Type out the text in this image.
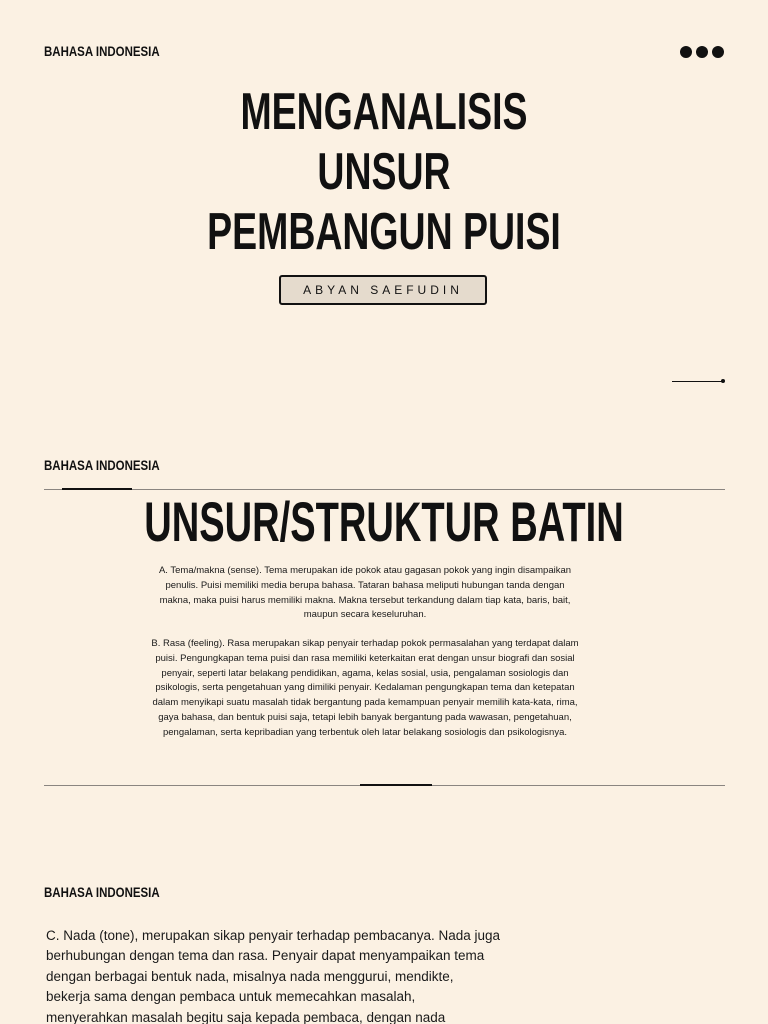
BAHASA INDONESIA
MENGANALISIS
UNSUR
PEMBANGUN PUISI
ABYAN SAEFUDIN
BAHASA INDONESIA
UNSUR/STRUKTUR BATIN
A. Tema/makna (sense). Tema merupakan ide pokok atau gagasan pokok yang ingin disampaikan penulis. Puisi memiliki media berupa bahasa. Tataran bahasa meliputi hubungan tanda dengan makna, maka puisi harus memiliki makna. Makna tersebut terkandung dalam tiap kata, baris, bait, maupun secara keseluruhan.
B. Rasa (feeling). Rasa merupakan sikap penyair terhadap pokok permasalahan yang terdapat dalam puisi. Pengungkapan tema puisi dan rasa memiliki keterkaitan erat dengan unsur biografi dan sosial penyair, seperti latar belakang pendidikan, agama, kelas sosial, usia, pengalaman sosiologis dan psikologis, serta pengetahuan yang dimiliki penyair. Kedalaman pengungkapan tema dan ketepatan dalam menyikapi suatu masalah tidak bergantung pada kemampuan penyair memilih kata-kata, rima, gaya bahasa, dan bentuk puisi saja, tetapi lebih banyak bergantung pada wawasan, pengetahuan, pengalaman, serta kepribadian yang terbentuk oleh latar belakang sosiologis dan psikologisnya.
BAHASA INDONESIA
C. Nada (tone), merupakan sikap penyair terhadap pembacanya. Nada juga
berhubungan dengan tema dan rasa. Penyair dapat menyampaikan tema
dengan berbagai bentuk nada, misalnya nada menggurui, mendikte,
bekerja sama dengan pembaca untuk memecahkan masalah,
menyerahkan masalah begitu saja kepada pembaca, dengan nada
